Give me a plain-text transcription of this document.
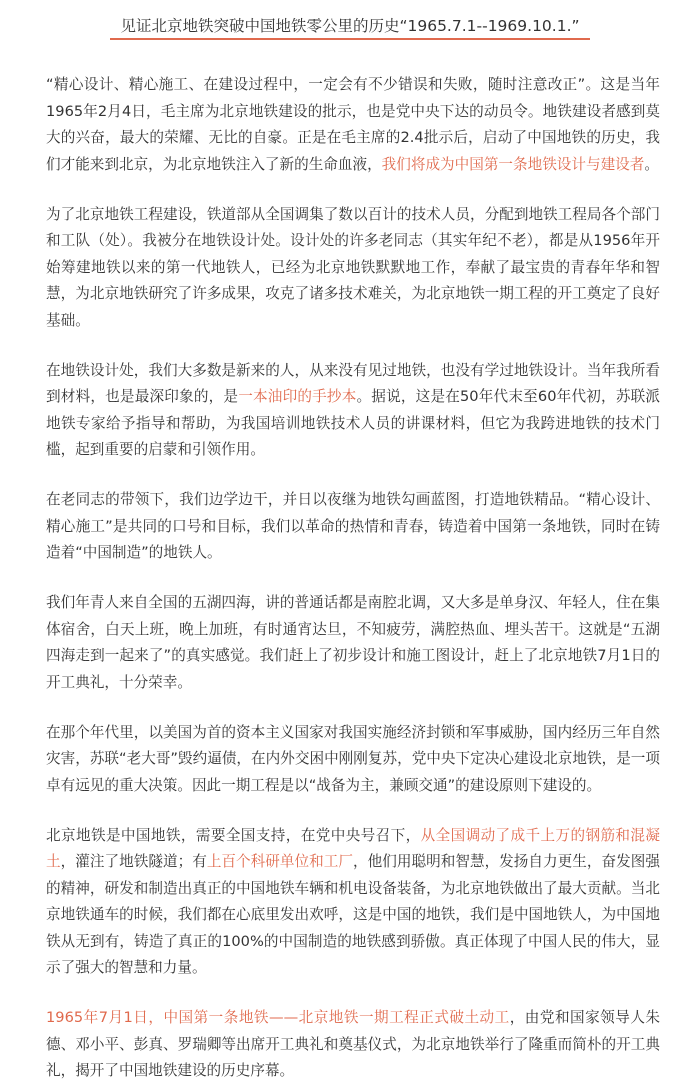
见证北京地铁突破中国地铁零公里的历史“1965.7.1--1969.10.1.”

“精心设计、精心施工、在建设过程中，一定会有不少错误和失败，随时注意改正”。这是当年1965年2月4日，毛主席为北京地铁建设的批示，也是党中央下达的动员令。地铁建设者感到莫大的兴奋，最大的荣耀、无比的自豪。正是在毛主席的2.4批示后，启动了中国地铁的历史，我们才能来到北京，为北京地铁注入了新的生命血液，我们将成为中国第一条地铁设计与建设者。

为了北京地铁工程建设，铁道部从全国调集了数以百计的技术人员，分配到地铁工程局各个部门和工队（处）。我被分在地铁设计处。设计处的许多老同志（其实年纪不老），都是从1956年开始筹建地铁以来的第一代地铁人，已经为北京地铁默默地工作，奉献了最宝贵的青春年华和智慧，为北京地铁研究了许多成果，攻克了诸多技术难关，为北京地铁一期工程的开工奠定了良好基础。

在地铁设计处，我们大多数是新来的人，从来没有见过地铁，也没有学过地铁设计。当年我所看到材料，也是最深印象的，是一本油印的手抄本。据说，这是在50年代末至60年代初，苏联派地铁专家给予指导和帮助，为我国培训地铁技术人员的讲课材料，但它为我跨进地铁的技术门槛，起到重要的启蒙和引领作用。

在老同志的带领下，我们边学边干，并日以夜继为地铁勾画蓝图，打造地铁精品。“精心设计、精心施工”是共同的口号和目标，我们以革命的热情和青春，铸造着中国第一条地铁，同时在铸造着“中国制造”的地铁人。

我们年青人来自全国的五湖四海，讲的普通话都是南腔北调，又大多是单身汉、年轻人，住在集体宿舍，白天上班，晚上加班，有时通宵达旦，不知疲劳，满腔热血、埋头苦干。这就是“五湖四海走到一起来了”的真实感觉。我们赶上了初步设计和施工图设计，赶上了北京地铁7月1日的开工典礼，十分荣幸。

在那个年代里，以美国为首的资本主义国家对我国实施经济封锁和军事威胁，国内经历三年自然灾害，苏联“老大哥”毁约逼债，在内外交困中刚刚复苏，党中央下定决心建设北京地铁，是一项卓有远见的重大决策。因此一期工程是以“战备为主，兼顾交通”的建设原则下建设的。

北京地铁是中国地铁，需要全国支持，在党中央号召下，从全国调动了成千上万的钢筋和混凝土，灌注了地铁隧道；有上百个科研单位和工厂，他们用聪明和智慧，发扬自力更生，奋发图强的精神，研发和制造出真正的中国地铁车辆和机电设备装备，为北京地铁做出了最大贡献。当北京地铁通车的时候，我们都在心底里发出欢呼，这是中国的地铁，我们是中国地铁人，为中国地铁从无到有，铸造了真正的100%的中国制造的地铁感到骄傲。真正体现了中国人民的伟大，显示了强大的智慧和力量。

1965年7月1日，中国第一条地铁——北京地铁一期工程正式破土动工，由党和国家领导人朱德、邓小平、彭真、罗瑞卿等出席开工典礼和奠基仪式，为北京地铁举行了隆重而简朴的开工典礼，揭开了中国地铁建设的历史序幕。
